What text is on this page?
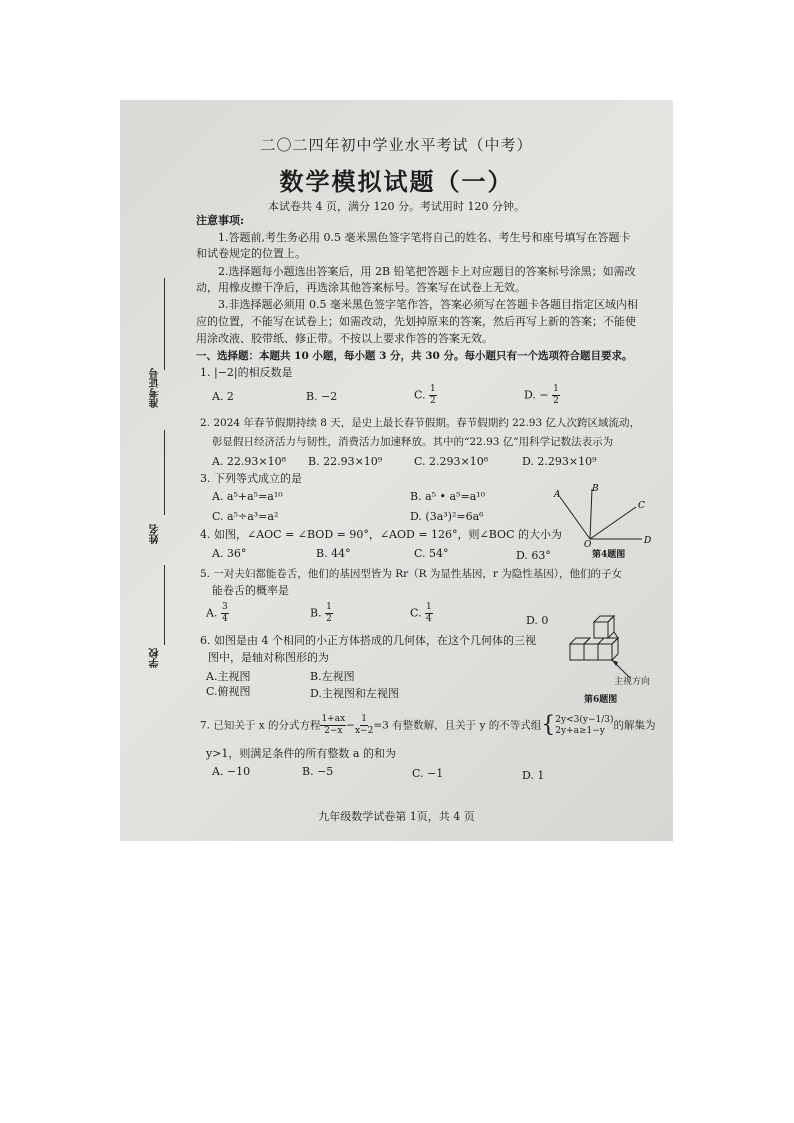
准考证号
姓名
学校
二〇二四年初中学业水平考试（中考）
数学模拟试题（一）
本试卷共 4 页，满分 120 分。考试用时 120 分钟。
注意事项:
1.答题前,考生务必用 0.5 毫米黑色签字笔将自己的姓名、考生号和座号填写在答题卡
和试卷规定的位置上。
2.选择题每小题选出答案后，用 2B 铅笔把答题卡上对应题目的答案标号涂黑；如需改
动，用橡皮擦干净后，再选涂其他答案标号。答案写在试卷上无效。
3.非选择题必须用 0.5 毫米黑色签字笔作答，答案必须写在答题卡各题目指定区域内相
应的位置，不能写在试卷上；如需改动，先划掉原来的答案，然后再写上新的答案；不能使
用涂改液、胶带纸、修正带。不按以上要求作答的答案无效。
一、选择题：本题共 10 小题，每小题 3 分，共 30 分。每小题只有一个选项符合题目要求。
1. |−2|的相反数是
A. 2	B. −2	C. $\frac{1}{2}$	D. − $\frac{1}{2}$
2. 2024 年春节假期持续 8 天，是史上最长春节假期。春节假期约 22.93 亿人次跨区域流动，
彰显假日经济活力与韧性，消费活力加速释放。其中的“22.93 亿”用科学记数法表示为
A. 22.93×10⁸ B. 22.93×10⁹	C. 2.293×10⁸	D. 2.293×10⁹
3. 下列等式成立的是
A. a⁵+a⁵=a¹⁰	B. a⁵ • a⁵=a¹⁰
C. a⁵÷a³=a²	D. (3a³)²=6a⁶
A
B
C
D
O
第4题图
4. 如图，∠AOC = ∠BOD = 90°，∠AOD = 126°，则∠BOC 的大小为
A. 36°	B. 44°	C. 54°	D. 63°
5. 一对夫妇都能卷舌，他们的基因型皆为 Rr（R 为显性基因，r 为隐性基因），他们的子女
能卷舌的概率是
A. $\frac{3}{4}$	B. $\frac{1}{2}$	C. $\frac{1}{4}$	D. 0
主视方向
第6题图
6. 如图是由 4 个相同的小正方体搭成的几何体，在这个几何体的三视
图中，是轴对称图形的为
A.主视图	B.左视图
C.俯视图	D.主视图和左视图
7. 已知关于 x 的分式方程 $\frac{1+ax}{2-x} - \frac{1}{x-2} =3$ 有整数解，且关于 y 的不等式组{ 2y<3(y−1/3)
2y+a≥1−y 的解集为
y>1，则满足条件的所有整数 a 的和为
A. −10	B. −5	C. −1	D. 1
九年级数学试卷第 1页，共 4 页
